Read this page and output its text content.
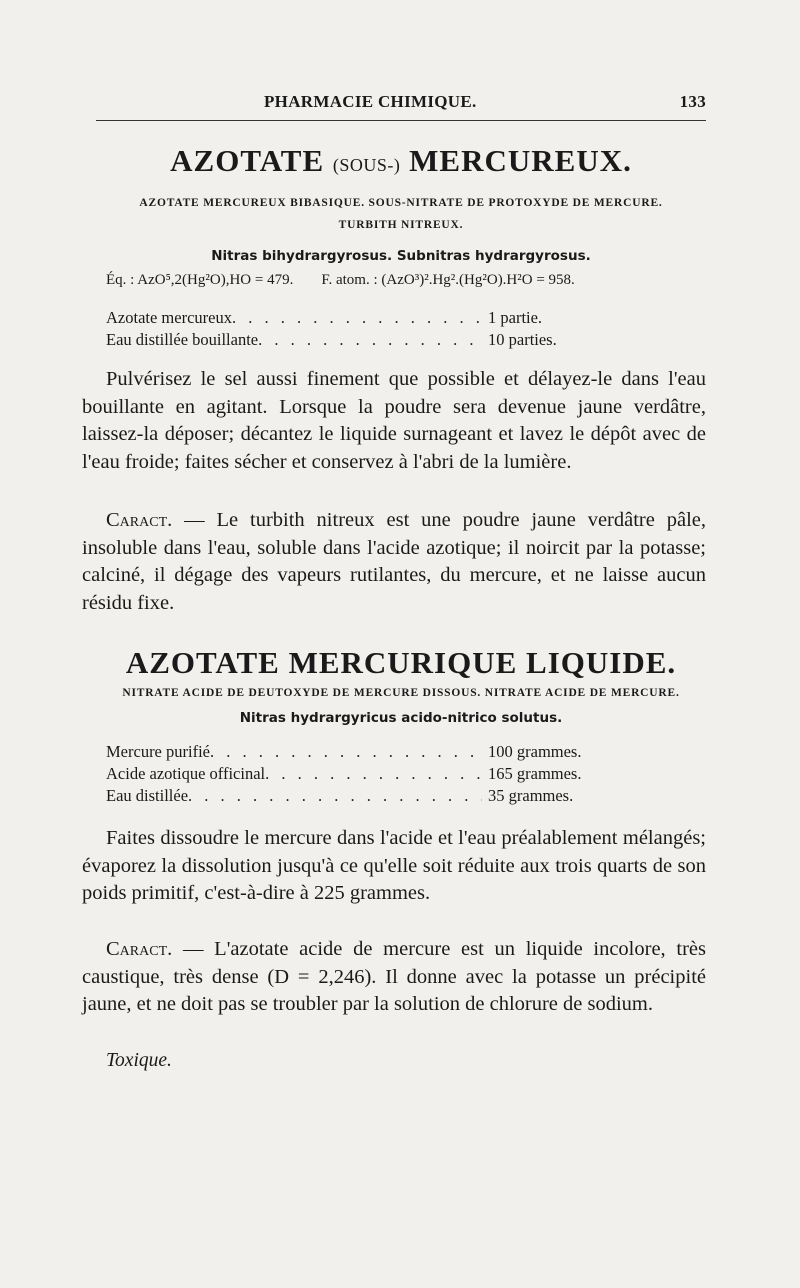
PHARMACIE CHIMIQUE.	133
AZOTATE (SOUS-) MERCUREUX.
AZOTATE MERCUREUX BIBASIQUE. SOUS-NITRATE DE PROTOXYDE DE MERCURE.
TURBITH NITREUX.
Nitras bihydrargyrosus. Subnitras hydrargyrosus.
Éq. : AzO⁵,2(Hg²O),HO = 479. F. atom. : (AzO³)².Hg².(Hg²O).H²O = 958.
Azotate mercureux . . .	1 partie.
Eau distillée bouillante . . .	10 parties.

Pulvérisez le sel aussi finement que possible et délayez-le dans l'eau bouillante en agitant. Lorsque la poudre sera devenue jaune verdâtre, laissez-la déposer; décantez le liquide surnageant et lavez le dépôt avec de l'eau froide; faites sécher et conservez à l'abri de la lumière.

Caract. — Le turbith nitreux est une poudre jaune verdâtre pâle, insoluble dans l'eau, soluble dans l'acide azotique; il noircit par la potasse; calciné, il dégage des vapeurs rutilantes, du mercure, et ne laisse aucun résidu fixe.

AZOTATE MERCURIQUE LIQUIDE.
NITRATE ACIDE DE DEUTOXYDE DE MERCURE DISSOUS. NITRATE ACIDE DE MERCURE.
Nitras hydrargyricus acido-nitrico solutus.
Mercure purifié . . .	100 grammes.
Acide azotique officinal . . .	165 grammes.
Eau distillée . . .	35 grammes.

Faites dissoudre le mercure dans l'acide et l'eau préalablement mélangés; évaporez la dissolution jusqu'à ce qu'elle soit réduite aux trois quarts de son poids primitif, c'est-à-dire à 225 grammes.

Caract. — L'azotate acide de mercure est un liquide incolore, très caustique, très dense (D = 2,246). Il donne avec la potasse un précipité jaune, et ne doit pas se troubler par la solution de chlorure de sodium.

Toxique.
